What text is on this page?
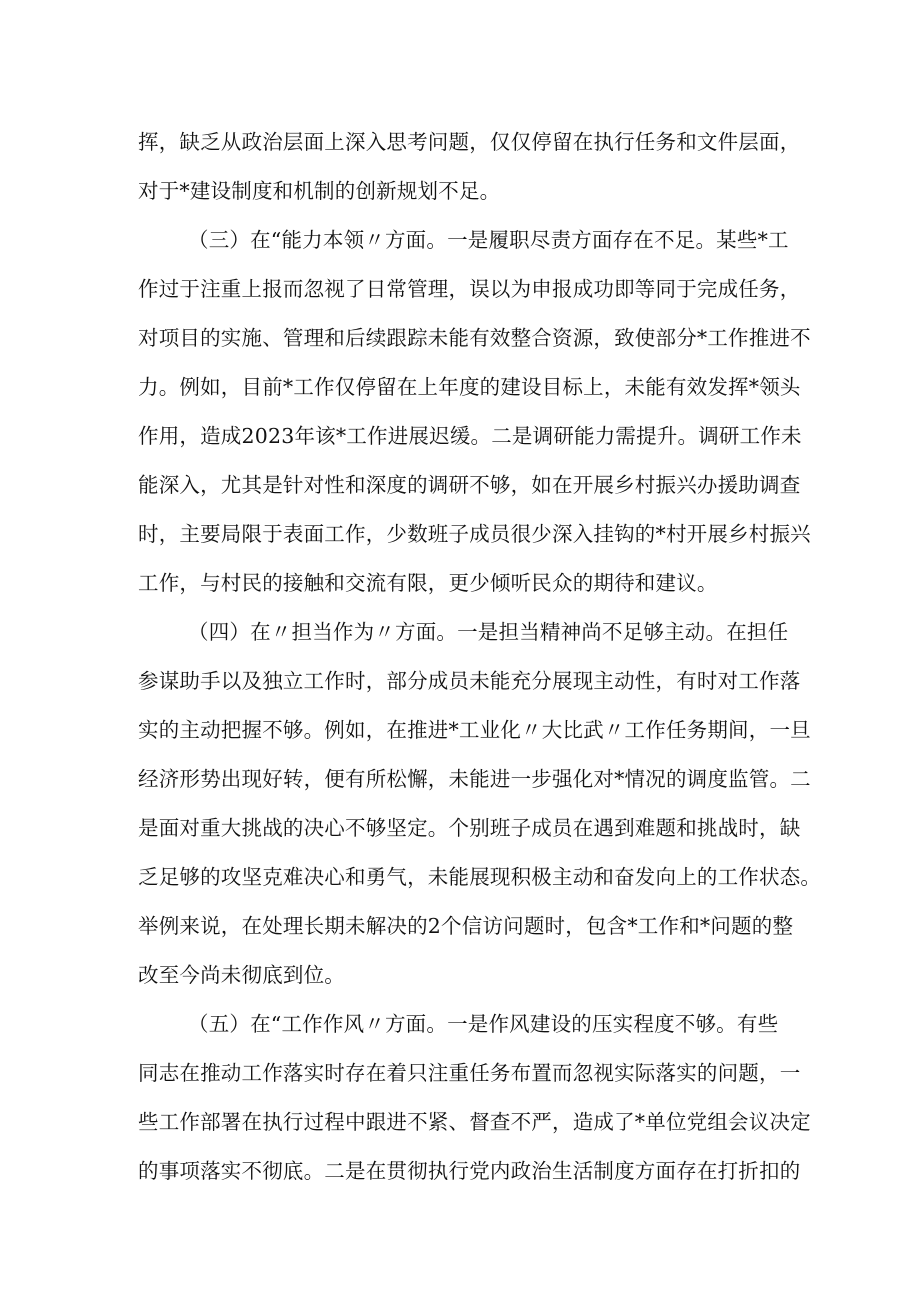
挥，缺乏从政治层面上深入思考问题，仅仅停留在执行任务和文件层面，
对于*建设制度和机制的创新规划不足。
（三）在“能力本领〃方面。一是履职尽责方面存在不足。某些*工
作过于注重上报而忽视了日常管理，误以为申报成功即等同于完成任务，
对项目的实施、管理和后续跟踪未能有效整合资源，致使部分*工作推进不
力。例如，目前*工作仅停留在上年度的建设目标上，未能有效发挥*领头
作用，造成2023年该*工作进展迟缓。二是调研能力需提升。调研工作未
能深入，尤其是针对性和深度的调研不够，如在开展乡村振兴办援助调查
时，主要局限于表面工作，少数班子成员很少深入挂钩的*村开展乡村振兴
工作，与村民的接触和交流有限，更少倾听民众的期待和建议。
（四）在〃担当作为〃方面。一是担当精神尚不足够主动。在担任
参谋助手以及独立工作时，部分成员未能充分展现主动性，有时对工作落
实的主动把握不够。例如，在推进*工业化〃大比武〃工作任务期间，一旦
经济形势出现好转，便有所松懈，未能进一步强化对*情况的调度监管。二
是面对重大挑战的决心不够坚定。个别班子成员在遇到难题和挑战时，缺
乏足够的攻坚克难决心和勇气，未能展现积极主动和奋发向上的工作状态。
举例来说，在处理长期未解决的2个信访问题时，包含*工作和*问题的整
改至今尚未彻底到位。
（五）在“工作作风〃方面。一是作风建设的压实程度不够。有些
同志在推动工作落实时存在着只注重任务布置而忽视实际落实的问题，一
些工作部署在执行过程中跟进不紧、督查不严，造成了*单位党组会议决定
的事项落实不彻底。二是在贯彻执行党内政治生活制度方面存在打折扣的
